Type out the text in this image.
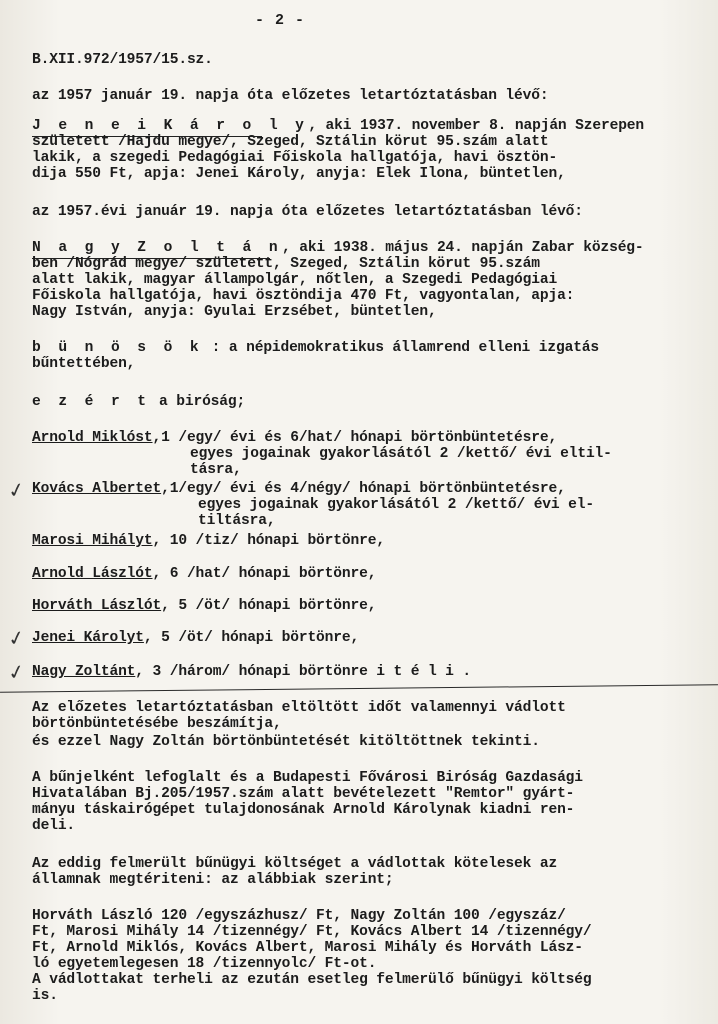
- 2 -
B.XII.972/1957/15.sz.
az 1957 január 19. napja óta előzetes letartóztatásban lévő:
J e n e i K á r o l y, aki 1937. november 8. napján Szerepen
született /Hajdu megye/, Szeged, Sztálin körut 95.szám alatt
lakik, a szegedi Pedagógiai Főiskola hallgatója, havi ösztön-
dija 550 Ft, apja: Jenei Károly, anyja: Elek Ilona, büntetlen,
az 1957.évi január 19. napja óta előzetes letartóztatásban lévő:
N a g y Z o l t á n, aki 1938. május 24. napján Zabar község-
ben /Nógrád megye/ született, Szeged, Sztálin körut 95.szám
alatt lakik, magyar állampolgár, nőtlen, a Szegedi Pedagógiai
Főiskola hallgatója, havi ösztöndija 470 Ft, vagyontalan, apja:
Nagy István, anyja: Gyulai Erzsébet, büntetlen,
b ü n ö s ö k : a népidemokratikus államrend elleni izgatás
bűntettében,
e z é r t a biróság;
Arnold Miklóst,1 /egy/ évi és 6/hat/ hónapi börtönbüntetésre,
egyes jogainak gyakorlásától 2 /kettő/ évi eltil-
tásra,
✓ Kovács Albertet,1/egy/ évi és 4/négy/ hónapi börtönbüntetésre,
egyes jogainak gyakorlásától 2 /kettő/ évi el-
tiltásra,
Marosi Mihályt, 10 /tiz/ hónapi börtönre,
Arnold Lászlót, 6 /hat/ hónapi börtönre,
Horváth Lászlót, 5 /öt/ hónapi börtönre,
✓ Jenei Károlyt, 5 /öt/ hónapi börtönre,
✓ Nagy Zoltánt, 3 /három/ hónapi börtönre i t é l i .
Az előzetes letartóztatásban eltöltött időt valamennyi vádlott
börtönbüntetésébe beszámítja,
és ezzel Nagy Zoltán börtönbüntetését kitöltöttnek tekinti.
A bűnjelként lefoglalt és a Budapesti Fővárosi Biróság Gazdasági
Hivatalában Bj.205/1957.szám alatt bevételezett "Remtor" gyárt-
mányu táskairógépet tulajdonosának Arnold Károlynak kiadni ren-
deli.
Az eddig felmerült bűnügyi költséget a vádlottak kötelesek az
államnak megtériteni: az alábbiak szerint;
Horváth László 120 /egyszázhusz/ Ft, Nagy Zoltán 100 /egyszáz/
Ft, Marosi Mihály 14 /tizennégy/ Ft, Kovács Albert 14 /tizennégy/
Ft, Arnold Miklós, Kovács Albert, Marosi Mihály és Horváth Lász-
ló egyetemlegesen 18 /tizennyolc/ Ft-ot.
A vádlottakat terheli az ezután esetleg felmerülő bűnügyi költség
is.
